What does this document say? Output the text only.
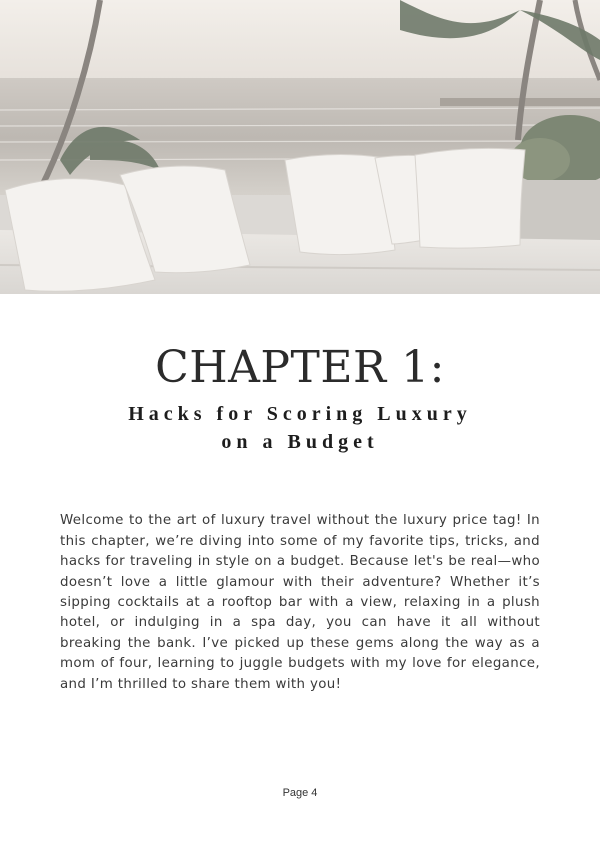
CHAPTER 1:
Hacks for Scoring Luxury
on a Budget

Welcome to the art of luxury travel without the luxury price tag! In this chapter, we’re diving into some of my favorite tips, tricks, and hacks for traveling in style on a budget. Because let's be real—who doesn’t love a little glamour with their adventure? Whether it’s sipping cocktails at a rooftop bar with a view, relaxing in a plush hotel, or indulging in a spa day, you can have it all without breaking the bank. I’ve picked up these gems along the way as a mom of four, learning to juggle budgets with my love for elegance, and I’m thrilled to share them with you!

Page 4
